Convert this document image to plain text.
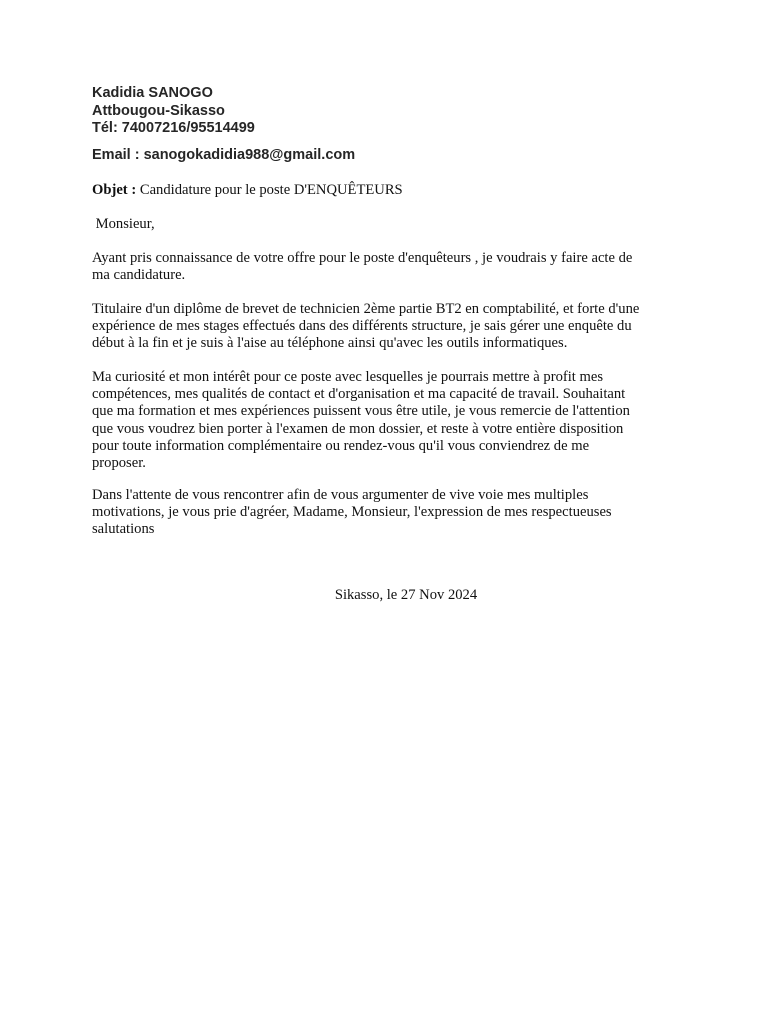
Kadidia SANOGO
Attbougou-Sikasso
Tél: 74007216/95514499
Email : sanogokadidia988@gmail.com
Objet : Candidature pour le poste D'ENQUÊTEURS
Monsieur,
Ayant pris connaissance de votre offre pour le poste d'enquêteurs , je voudrais y faire acte de
ma candidature.
Titulaire d'un diplôme de brevet de technicien 2ème partie BT2 en comptabilité, et forte d'une
expérience de mes stages effectués dans des différents structure, je sais gérer une enquête du
début à la fin et je suis à l'aise au téléphone ainsi qu'avec les outils informatiques.
Ma curiosité et mon intérêt pour ce poste avec lesquelles je pourrais mettre à profit mes
compétences, mes qualités de contact et d'organisation et ma capacité de travail. Souhaitant
que ma formation et mes expériences puissent vous être utile, je vous remercie de l'attention
que vous voudrez bien porter à l'examen de mon dossier, et reste à votre entière disposition
pour toute information complémentaire ou rendez-vous qu'il vous conviendrez de me
proposer.
Dans l'attente de vous rencontrer afin de vous argumenter de vive voie mes multiples
motivations, je vous prie d'agréer, Madame, Monsieur, l'expression de mes respectueuses
salutations
Sikasso, le 27 Nov 2024
